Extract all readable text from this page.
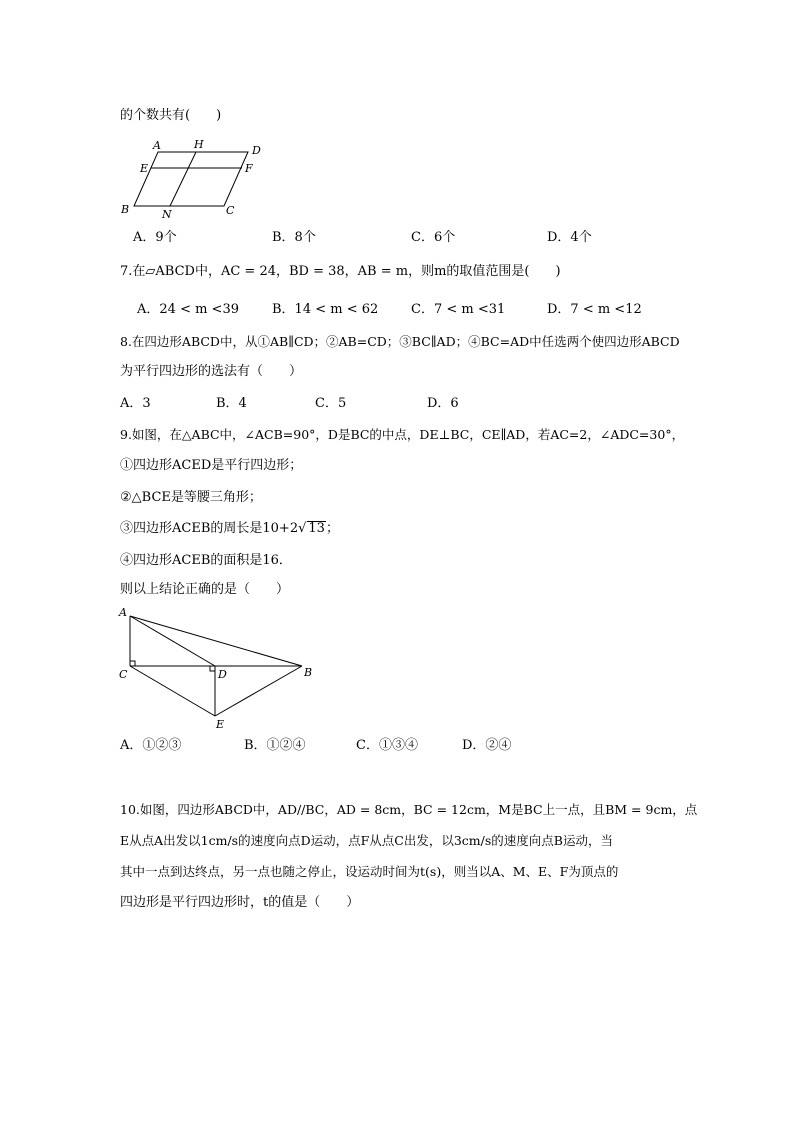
的个数共有(　　)
A	H	D
E	F
B	N	C
A．9个	B．8个	C．6个	D．4个
7.在▱ABCD中，AC = 24，BD = 38，AB = m，则m的取值范围是(　　)
A．24 < m <39	B．14 < m < 62	C．7 < m <31	D．7 < m <12
8.在四边形ABCD中，从①AB∥CD；②AB=CD；③BC∥AD；④BC=AD中任选两个使四边形ABCD
为平行四边形的选法有（　　）
A．3	B．4	C．5	D．6
9.如图，在△ABC中，∠ACB=90°，D是BC的中点，DE⊥BC，CE∥AD，若AC=2，∠ADC=30°，
①四边形ACED是平行四边形；
②△BCE是等腰三角形；
③四边形ACEB的周长是10+2√ 13；
④四边形ACEB的面积是16．
则以上结论正确的是（　　）
A
C	D	B
E
A．①②③	B．①②④	C．①③④	D．②④
10.如图，四边形ABCD中，AD//BC，AD = 8cm，BC = 12cm，M是BC上一点，且BM = 9cm，点
E从点A出发以1cm/s的速度向点D运动，点F从点C出发，以3cm/s的速度向点B运动，当
其中一点到达终点，另一点也随之停止，设运动时间为t(s)，则当以A、M、E、F为顶点的
四边形是平行四边形时，t的值是（　　）
